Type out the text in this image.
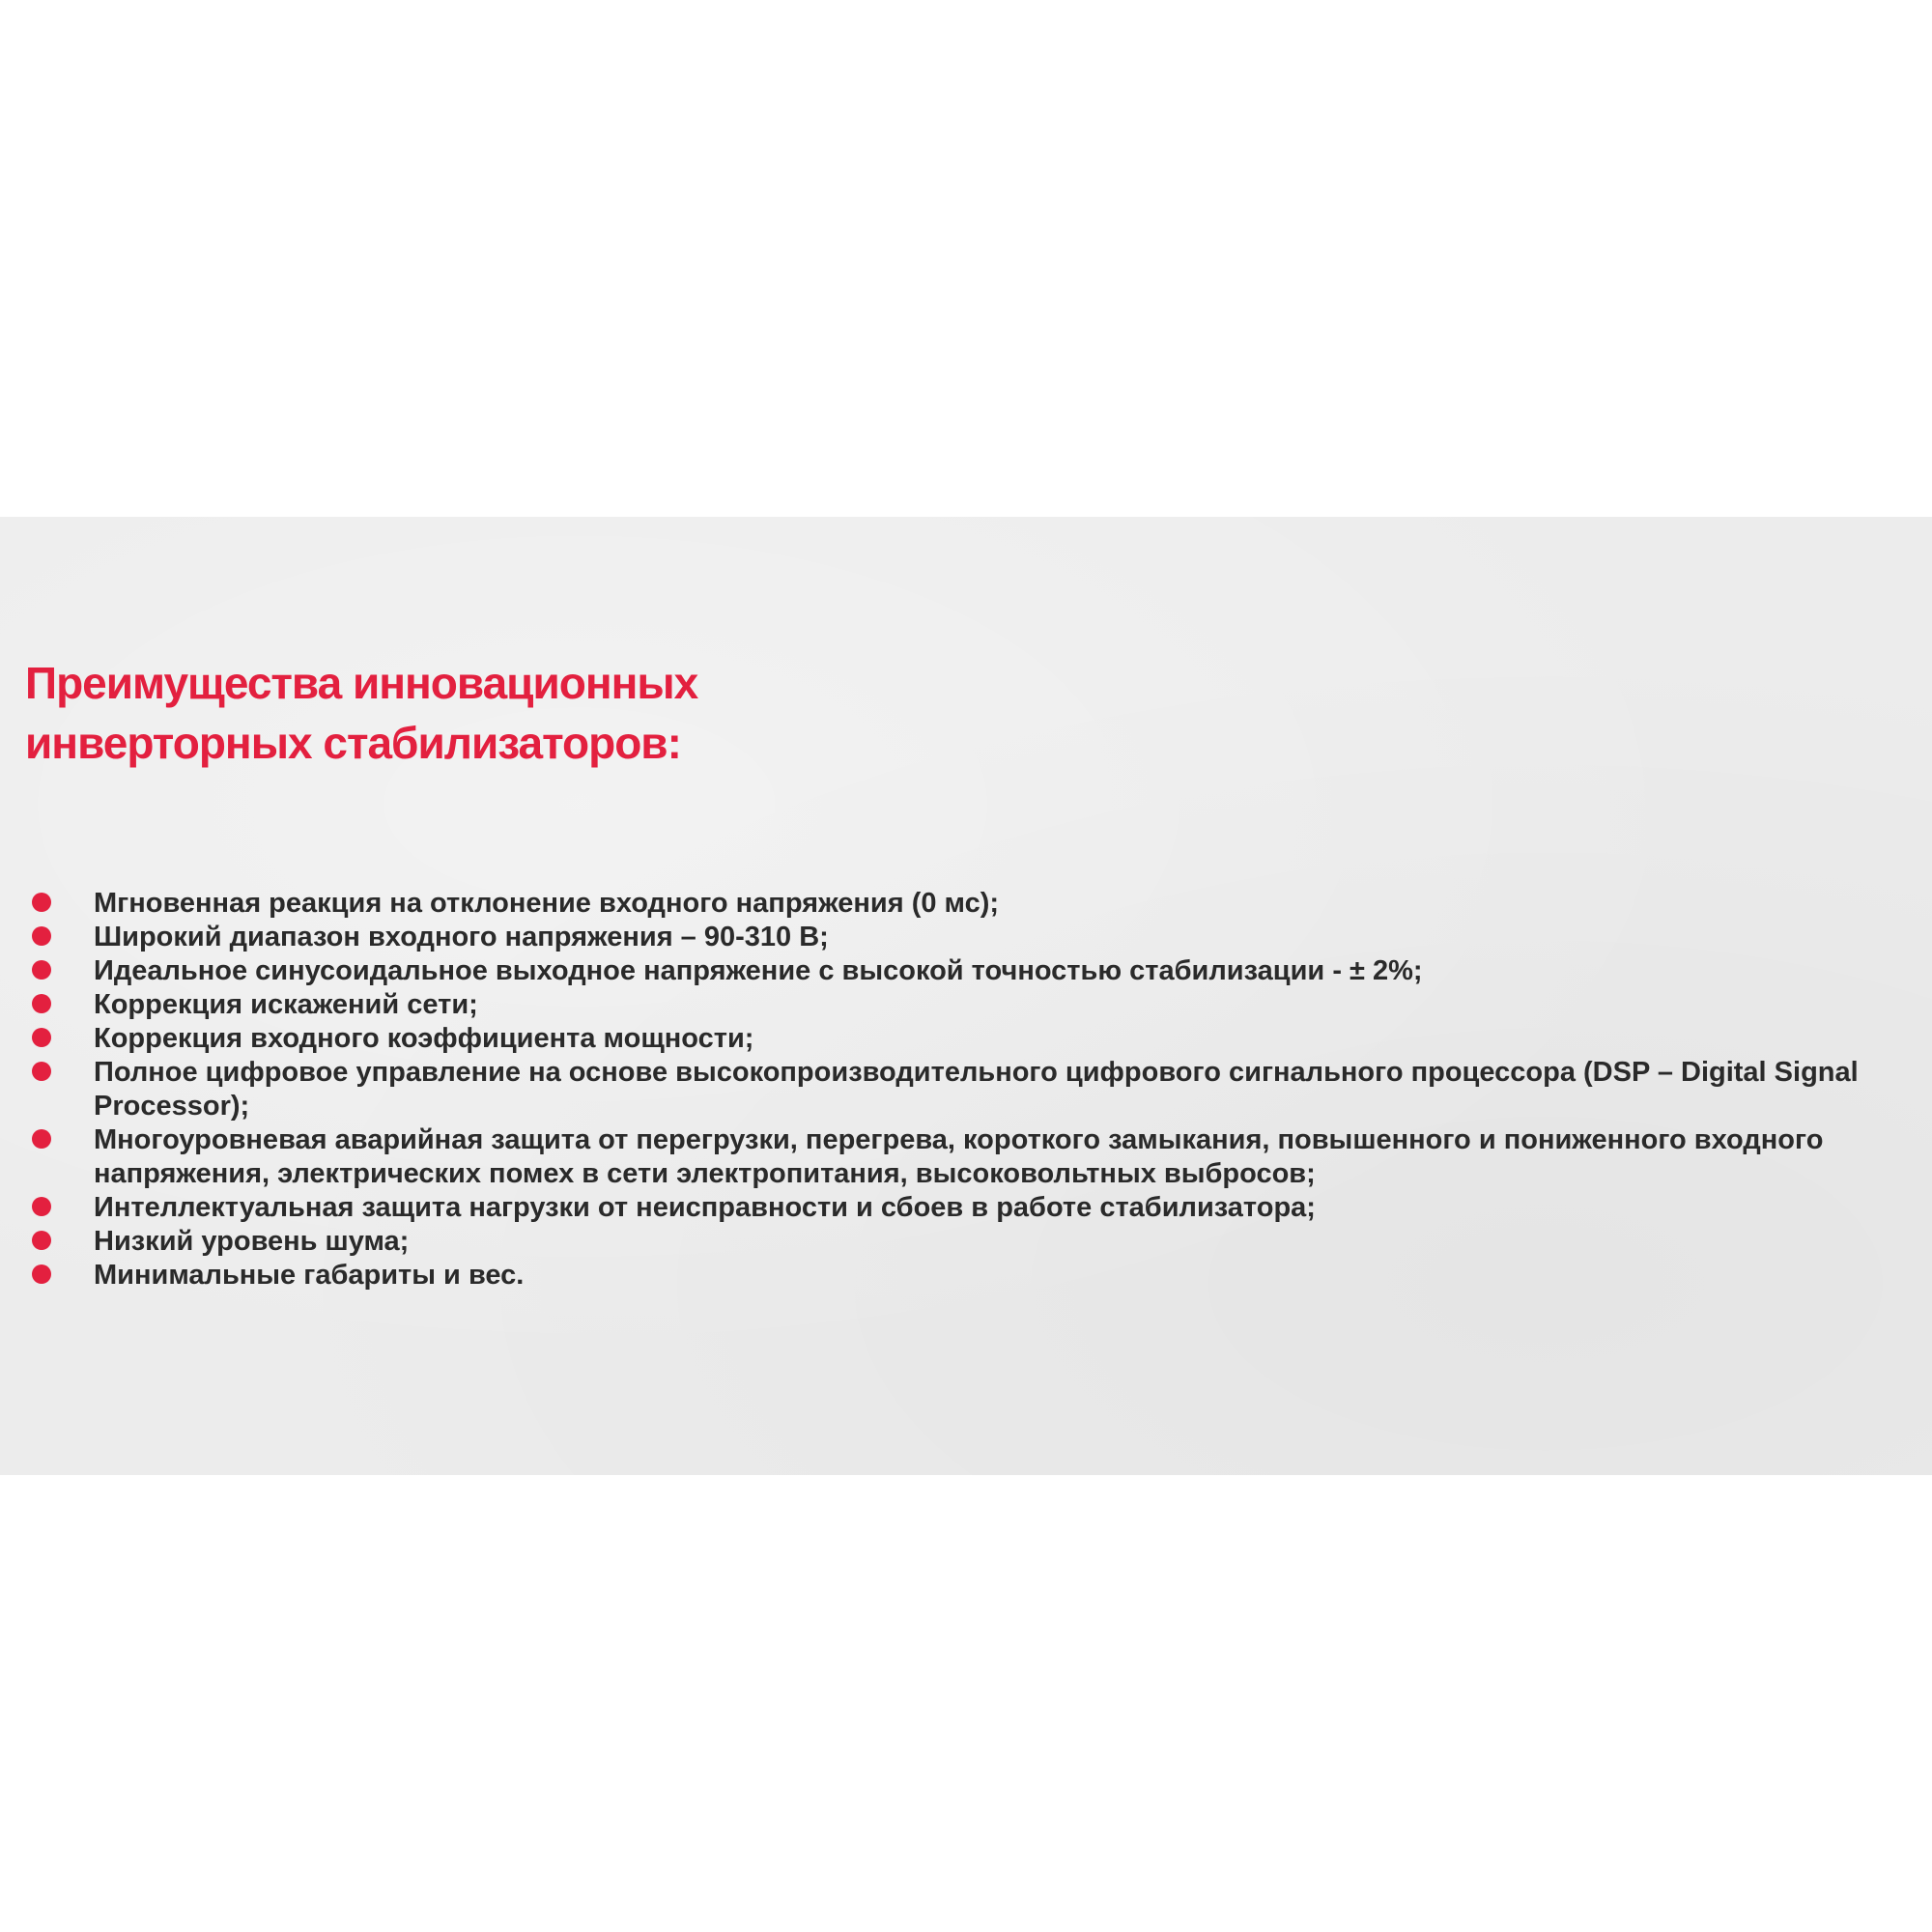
Преимущества инновационных
инверторных стабилизаторов:
Мгновенная реакция на отклонение входного напряжения (0 мс);
Широкий диапазон входного напряжения – 90-310 В;
Идеальное синусоидальное выходное напряжение с высокой точностью стабилизации - ± 2%;
Коррекция искажений сети;
Коррекция входного коэффициента мощности;
Полное цифровое управление на основе высокопроизводительного цифрового сигнального процессора (DSP – Digital Signal Processor);
Многоуровневая аварийная защита от перегрузки, перегрева, короткого замыкания, повышенного и пониженного входного напряжения, электрических помех в сети электропитания, высоковольтных выбросов;
Интеллектуальная защита нагрузки от неисправности и сбоев в работе стабилизатора;
Низкий уровень шума;
Минимальные габариты и вес.
